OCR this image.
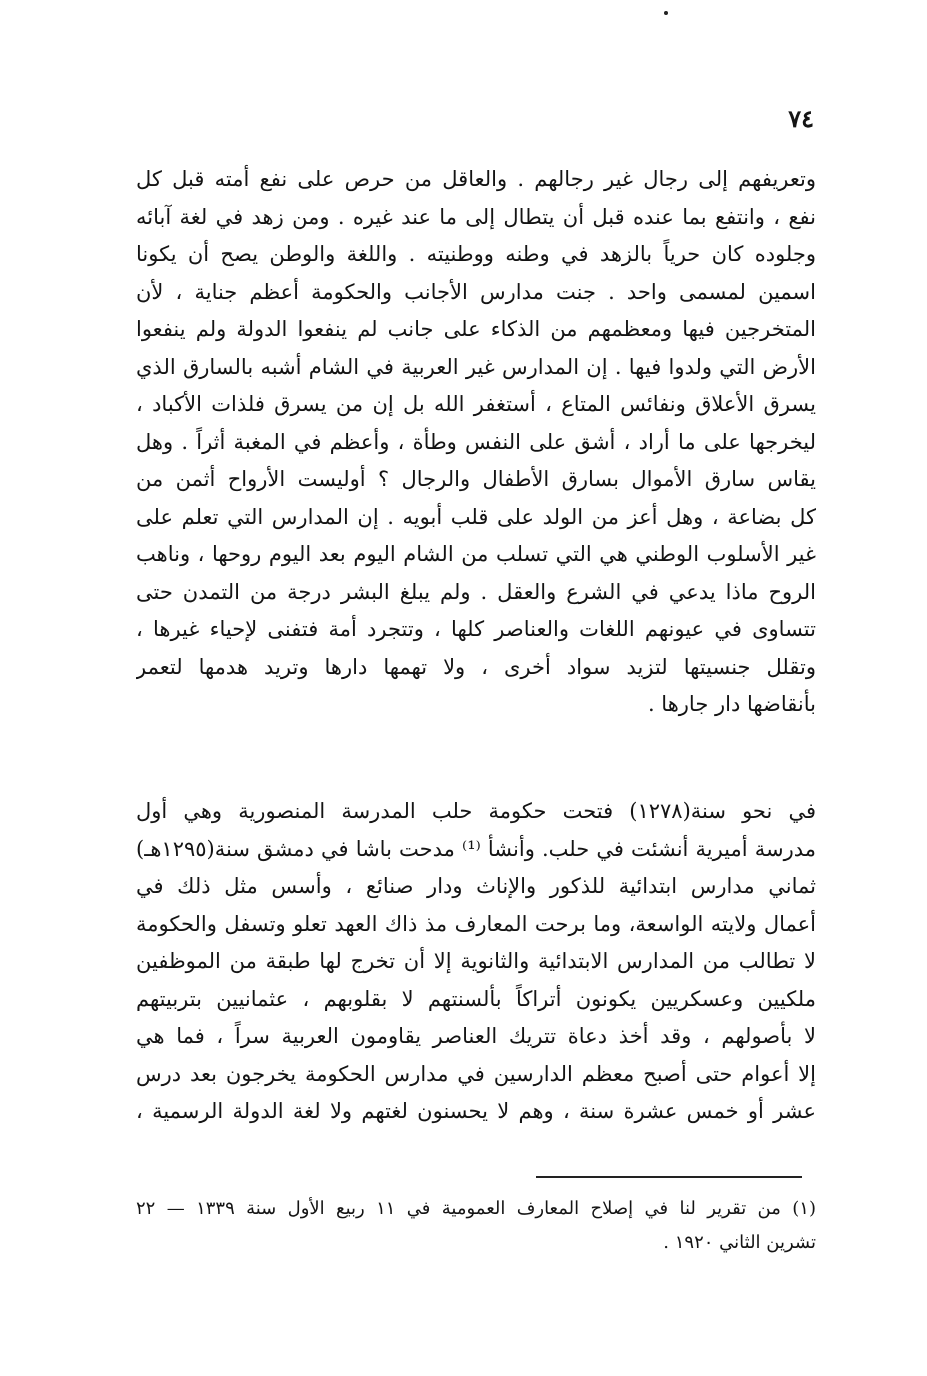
٧٤
وتعريفهم إلى رجال غير رجالهم . والعاقل من حرص على نفع أمته قبل كل
نفع ، وانتفع بما عنده قبل أن يتطال إلى ما عند غيره . ومن زهد في لغة آبائه
وجلوده كان حرياً بالزهد في وطنه ووطنيته . واللغة والوطن يصح أن يكونا
اسمين لمسمى واحد . جنت مدارس الأجانب والحكومة أعظم جناية ، لأن
المتخرجين فيها ومعظمهم من الذكاء على جانب لم ينفعوا الدولة ولم ينفعوا
الأرض التي ولدوا فيها . إن المدارس غير العربية في الشام أشبه بالسارق الذي
يسرق الأعلاق ونفائس المتاع ، أستغفر الله بل إن من يسرق فلذات الأكباد ،
ليخرجها على ما أراد ، أشق على النفس وطأة ، وأعظم في المغبة أثراً . وهل
يقاس سارق الأموال بسارق الأطفال والرجال ؟ أوليست الأرواح أثمن من
كل بضاعة ، وهل أعز من الولد على قلب أبويه . إن المدارس التي تعلم على
غير الأسلوب الوطني هي التي تسلب من الشام اليوم بعد اليوم روحها ، وناهب
الروح ماذا يدعي في الشرع والعقل . ولم يبلغ البشر درجة من التمدن حتى
تتساوى في عيونهم اللغات والعناصر كلها ، وتتجرد أمة فتفنى لإحياء غيرها ،
وتقلل جنسيتها لتزيد سواد أخرى ، ولا تهمها دارها وتريد هدمها لتعمر
بأنقاضها دار جارها .
في نحو سنة(١٢٧٨) فتحت حكومة حلب المدرسة المنصورية وهي أول
مدرسة أميرية أنشئت في حلب. وأنشأ ⁽¹⁾ مدحت باشا في دمشق سنة(١٢٩٥هـ)
ثماني مدارس ابتدائية للذكور والإناث ودار صنائع ، وأسس مثل ذلك في
أعمال ولايته الواسعة، وما برحت المعارف مذ ذاك العهد تعلو وتسفل والحكومة
لا تطالب من المدارس الابتدائية والثانوية إلا أن تخرج لها طبقة من الموظفين
ملكيين وعسكريين يكونون أتراكاً بألسنتهم لا بقلوبهم ، عثمانيين بتربيتهم
لا بأصولهم ، وقد أخذ دعاة تتريك العناصر يقاومون العربية سراً ، فما هي
إلا أعوام حتى أصبح معظم الدارسين في مدارس الحكومة يخرجون بعد درس
عشر أو خمس عشرة سنة ، وهم لا يحسنون لغتهم ولا لغة الدولة الرسمية ،
(١) من تقرير لنا في إصلاح المعارف العمومية في ١١ ربيع الأول سنة ١٣٣٩ — ٢٢
تشرين الثاني ١٩٢٠ .
